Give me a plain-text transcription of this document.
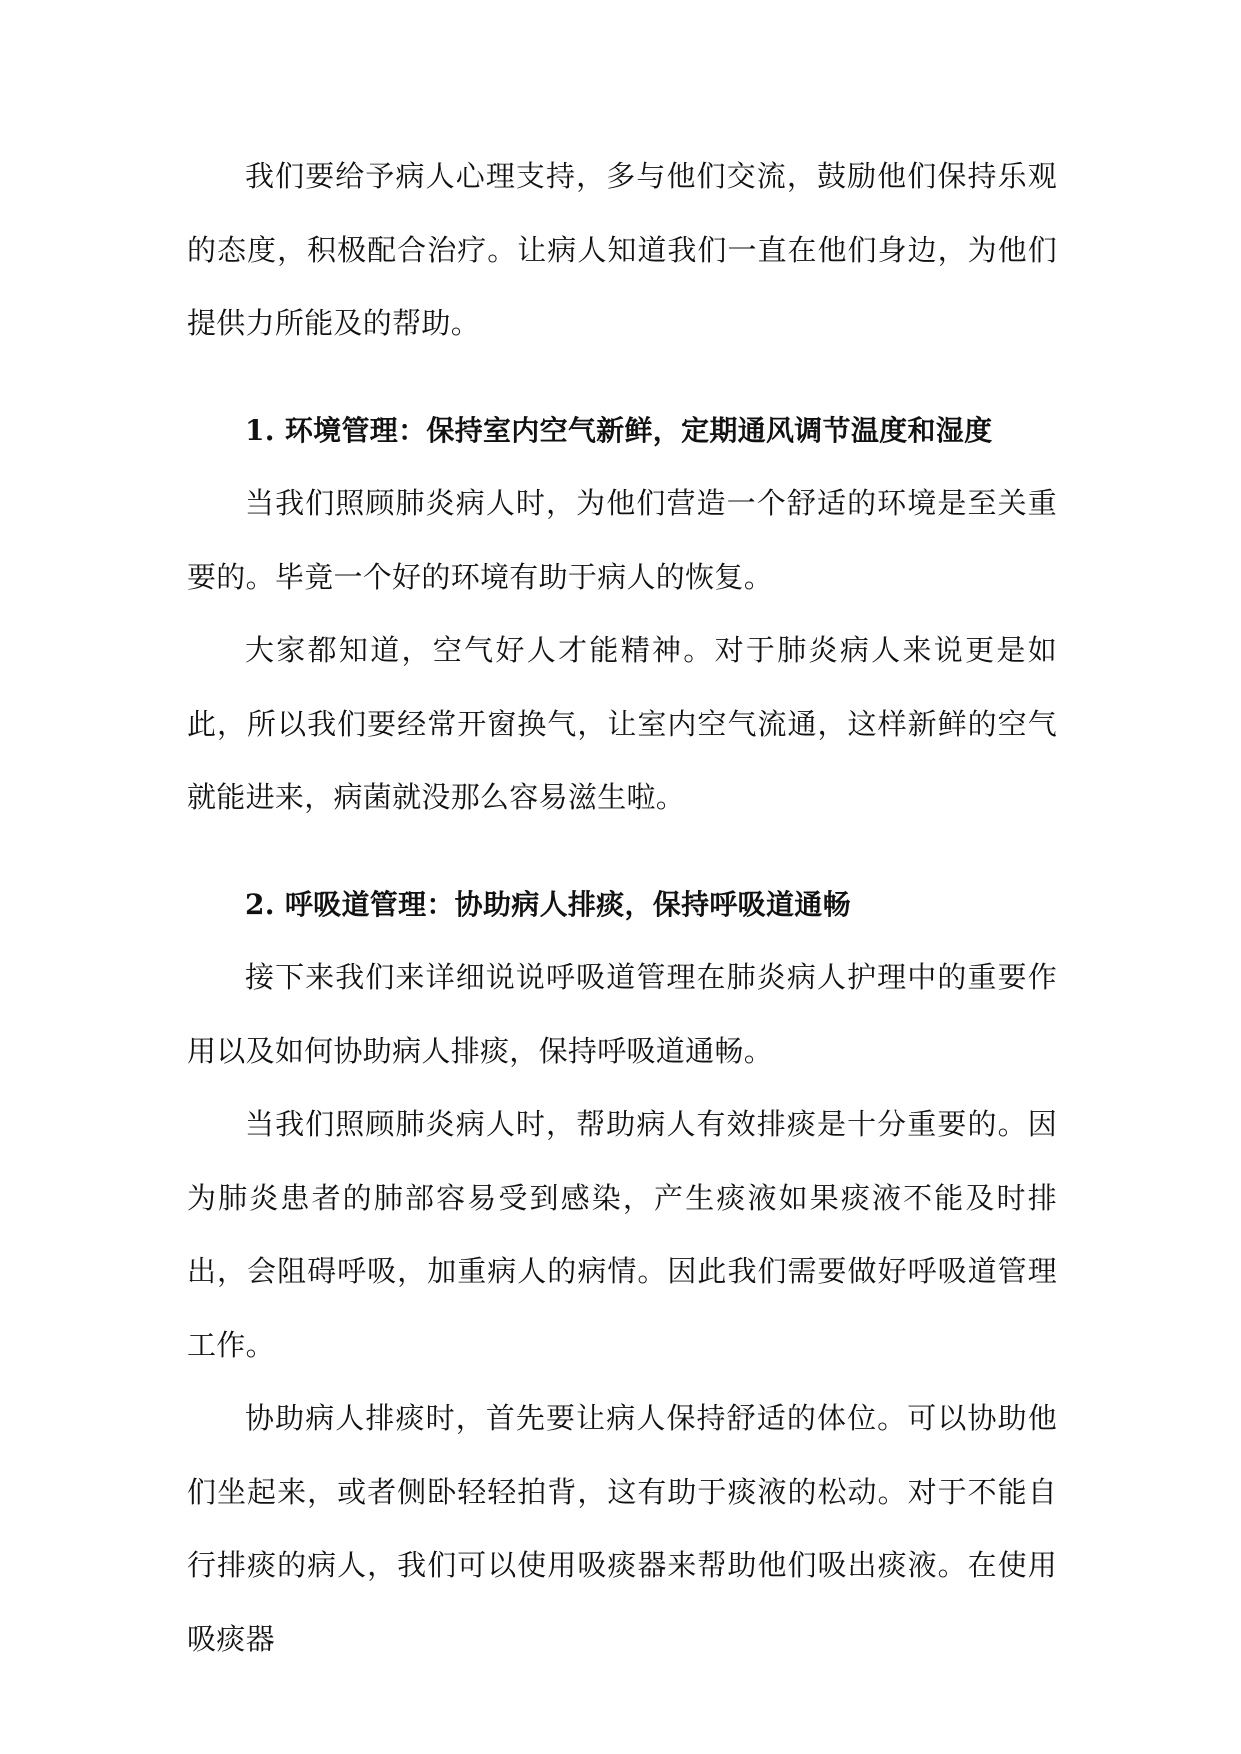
我们要给予病人心理支持，多与他们交流，鼓励他们保持乐观的态度，积极配合治疗。让病人知道我们一直在他们身边，为他们提供力所能及的帮助。

1. 环境管理：保持室内空气新鲜，定期通风调节温度和湿度

当我们照顾肺炎病人时，为他们营造一个舒适的环境是至关重要的。毕竟一个好的环境有助于病人的恢复。

大家都知道，空气好人才能精神。对于肺炎病人来说更是如此，所以我们要经常开窗换气，让室内空气流通，这样新鲜的空气就能进来，病菌就没那么容易滋生啦。

2. 呼吸道管理：协助病人排痰，保持呼吸道通畅

接下来我们来详细说说呼吸道管理在肺炎病人护理中的重要作用以及如何协助病人排痰，保持呼吸道通畅。

当我们照顾肺炎病人时，帮助病人有效排痰是十分重要的。因为肺炎患者的肺部容易受到感染，产生痰液如果痰液不能及时排出，会阻碍呼吸，加重病人的病情。因此我们需要做好呼吸道管理工作。

协助病人排痰时，首先要让病人保持舒适的体位。可以协助他们坐起来，或者侧卧轻轻拍背，这有助于痰液的松动。对于不能自行排痰的病人，我们可以使用吸痰器来帮助他们吸出痰液。在使用吸痰器
